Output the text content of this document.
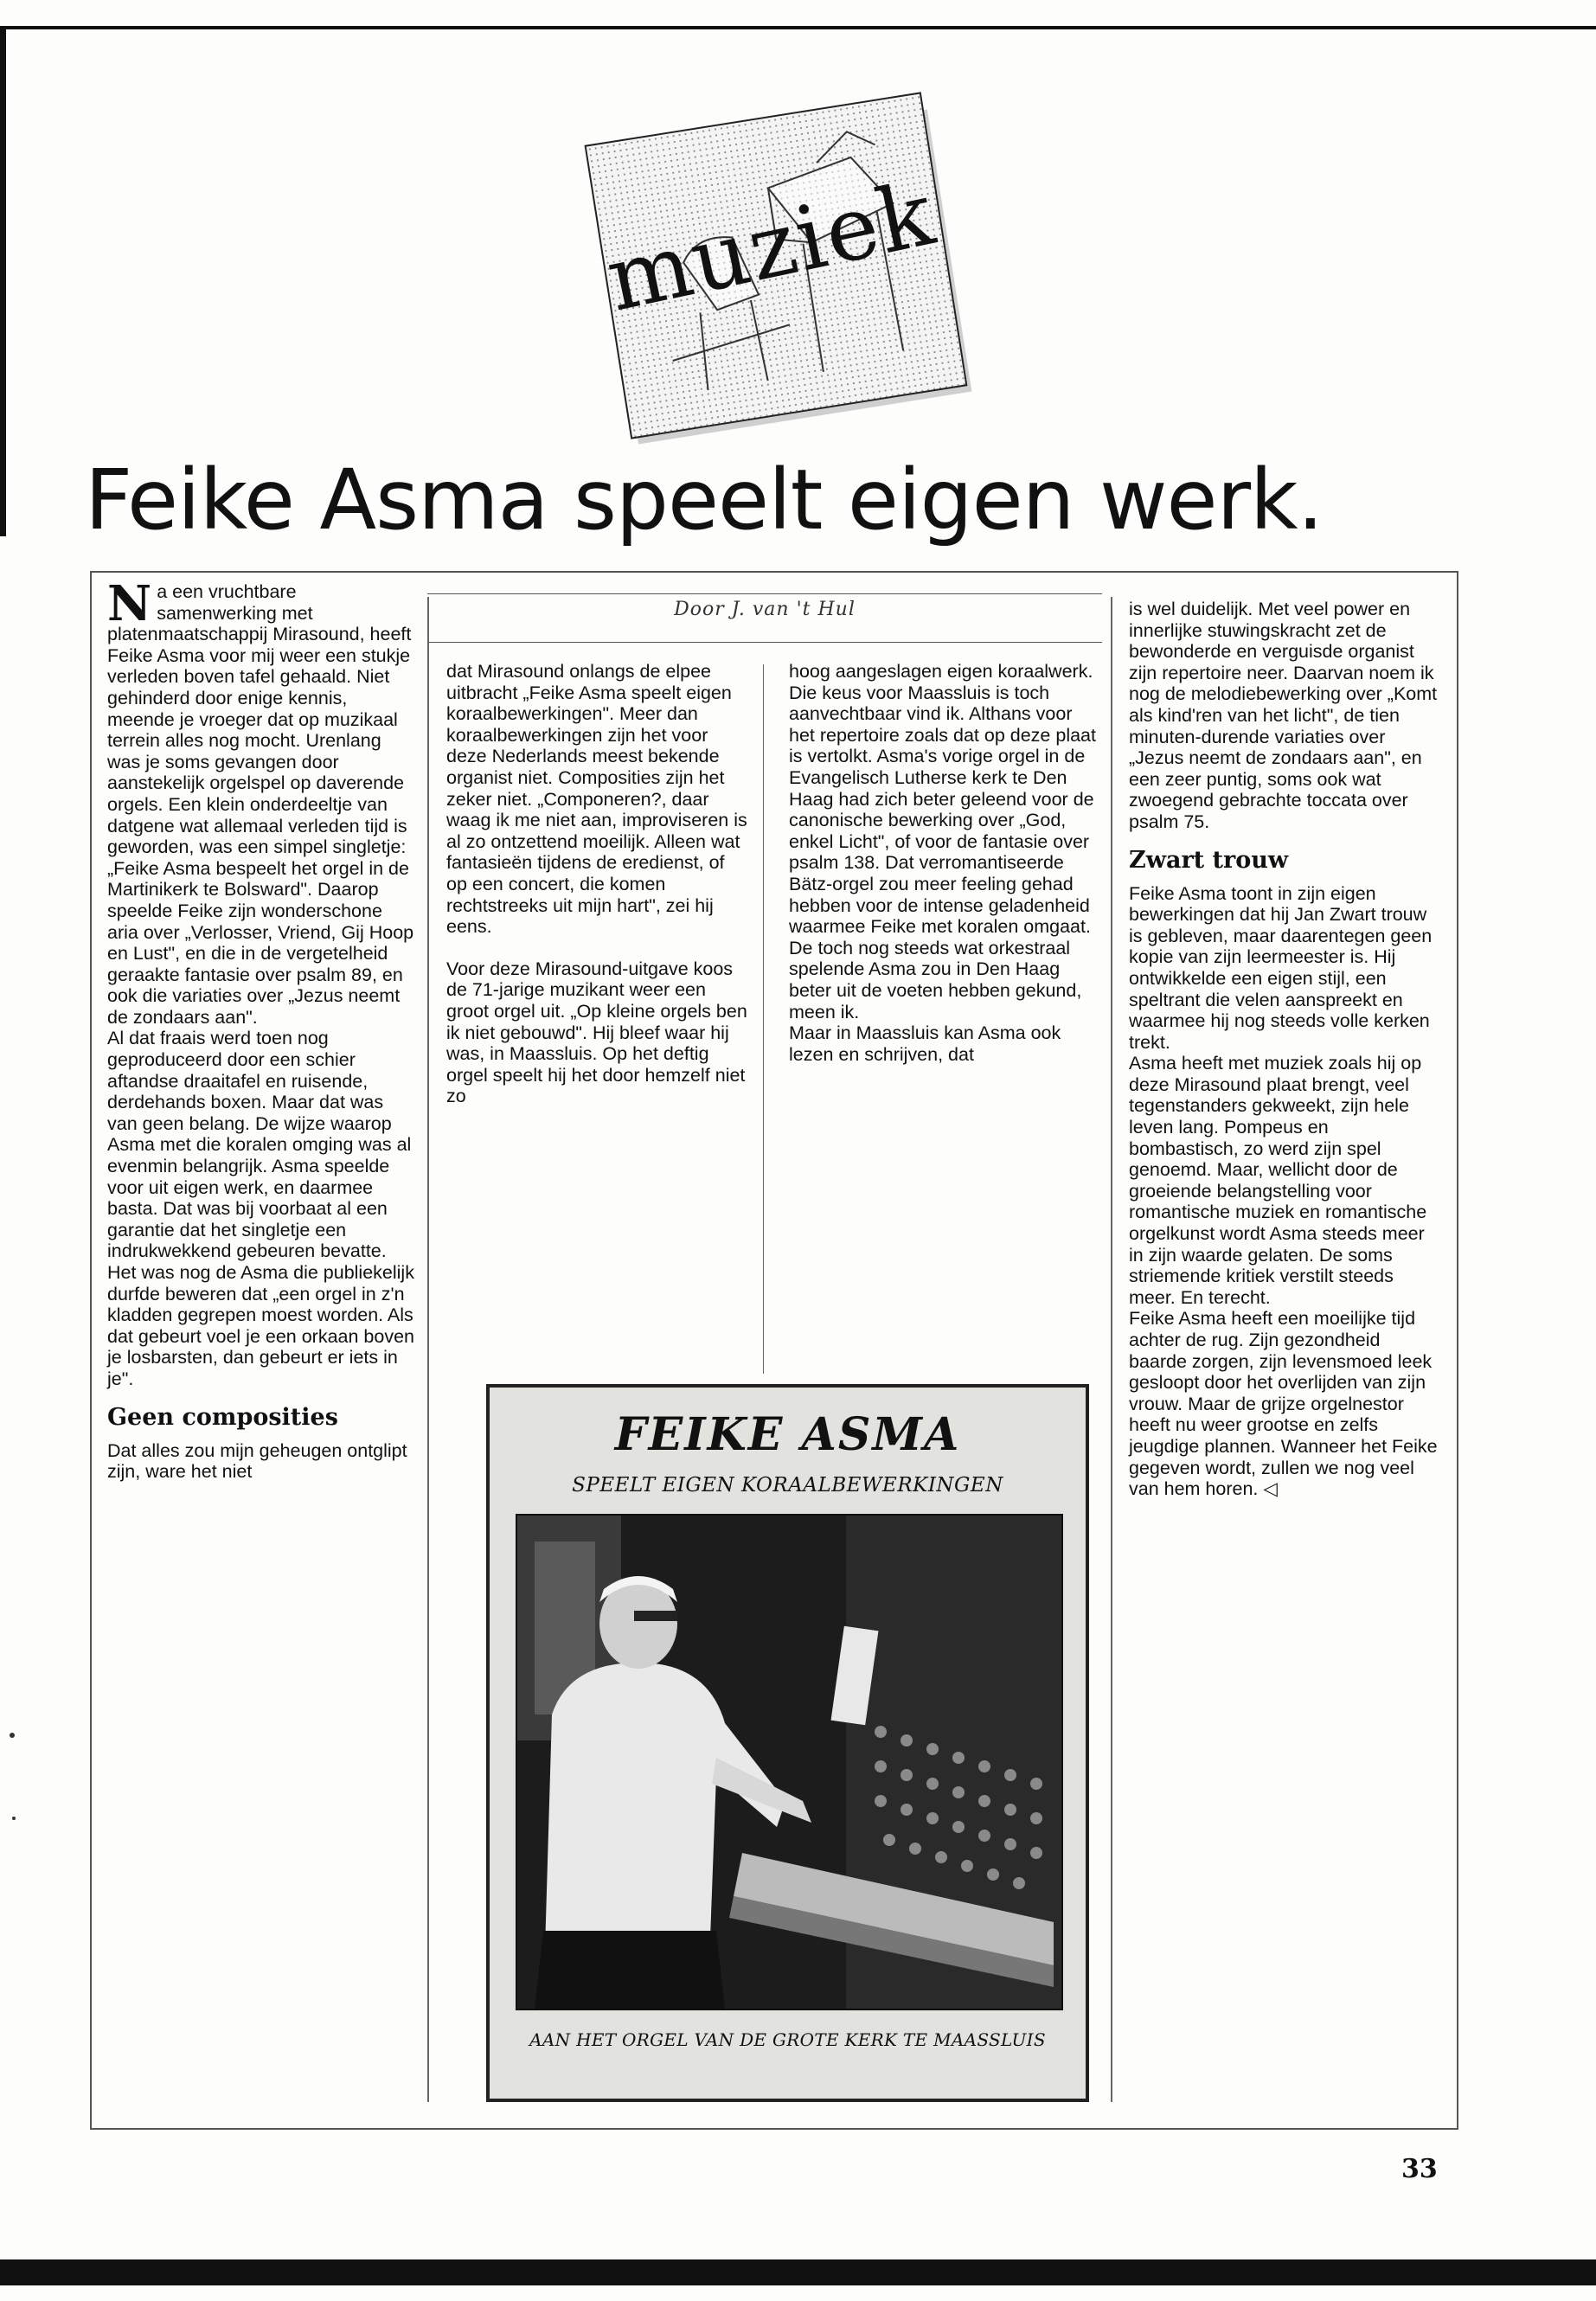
muziek
Feike Asma speelt eigen werk.
Door J. van 't Hul

Na een vruchtbare samenwerking met platenmaatschappij Mirasound, heeft Feike Asma voor mij weer een stukje verleden boven tafel gehaald. Niet gehinderd door enige kennis, meende je vroeger dat op muzikaal terrein alles nog mocht. Urenlang was je soms gevangen door aanstekelijk orgelspel op daverende orgels. Een klein onderdeeltje van datgene wat allemaal verleden tijd is geworden, was een simpel singletje: „Feike Asma bespeelt het orgel in de Martinikerk te Bolsward". Daarop speelde Feike zijn wonderschone aria over „Verlosser, Vriend, Gij Hoop en Lust", en die in de vergetelheid geraakte fantasie over psalm 89, en ook die variaties over „Jezus neemt de zondaars aan".

Al dat fraais werd toen nog geproduceerd door een schier aftandse draaitafel en ruisende, derdehands boxen. Maar dat was van geen belang. De wijze waarop Asma met die koralen omging was al evenmin belangrijk. Asma speelde voor uit eigen werk, en daarmee basta. Dat was bij voorbaat al een garantie dat het singletje een indrukwekkend gebeuren bevatte. Het was nog de Asma die publiekelijk durfde beweren dat „een orgel in z'n kladden gegrepen moest worden. Als dat gebeurt voel je een orkaan boven je losbarsten, dan gebeurt er iets in je".

Geen composities

Dat alles zou mijn geheugen ontglipt zijn, ware het niet

dat Mirasound onlangs de elpee uitbracht „Feike Asma speelt eigen koraalbewerkingen". Meer dan koraalbewerkingen zijn het voor deze Nederlands meest bekende organist niet. Composities zijn het zeker niet. „Componeren?, daar waag ik me niet aan, improviseren is al zo ontzettend moeilijk. Alleen wat fantasieën tijdens de eredienst, of op een concert, die komen rechtstreeks uit mijn hart", zei hij eens.

Voor deze Mirasound-uitgave koos de 71-jarige muzikant weer een groot orgel uit. „Op kleine orgels ben ik niet gebouwd". Hij bleef waar hij was, in Maassluis. Op het deftig orgel speelt hij het door hemzelf niet zo

hoog aangeslagen eigen koraalwerk.

Die keus voor Maassluis is toch aanvechtbaar vind ik. Althans voor het repertoire zoals dat op deze plaat is vertolkt. Asma's vorige orgel in de Evangelisch Lutherse kerk te Den Haag had zich beter geleend voor de canonische bewerking over „God, enkel Licht", of voor de fantasie over psalm 138. Dat verromantiseerde Bätz-orgel zou meer feeling gehad hebben voor de intense geladenheid waarmee Feike met koralen omgaat. De toch nog steeds wat orkestraal spelende Asma zou in Den Haag beter uit de voeten hebben gekund, meen ik.

Maar in Maassluis kan Asma ook lezen en schrijven, dat

is wel duidelijk. Met veel power en innerlijke stuwingskracht zet de bewonderde en verguisde organist zijn repertoire neer. Daarvan noem ik nog de melodiebewerking over „Komt als kind'ren van het licht", de tien minuten-durende variaties over „Jezus neemt de zondaars aan", en een zeer puntig, soms ook wat zwoegend gebrachte toccata over psalm 75.

Zwart trouw

Feike Asma toont in zijn eigen bewerkingen dat hij Jan Zwart trouw is gebleven, maar daarentegen geen kopie van zijn leermeester is. Hij ontwikkelde een eigen stijl, een speltrant die velen aanspreekt en waarmee hij nog steeds volle kerken trekt.

Asma heeft met muziek zoals hij op deze Mirasound plaat brengt, veel tegenstanders gekweekt, zijn hele leven lang. Pompeus en bombastisch, zo werd zijn spel genoemd. Maar, wellicht door de groeiende belangstelling voor romantische muziek en romantische orgelkunst wordt Asma steeds meer in zijn waarde gelaten. De soms striemende kritiek verstilt steeds meer. En terecht.

Feike Asma heeft een moeilijke tijd achter de rug. Zijn gezondheid baarde zorgen, zijn levensmoed leek gesloopt door het overlijden van zijn vrouw. Maar de grijze orgelnestor heeft nu weer grootse en zelfs jeugdige plannen. Wanneer het Feike gegeven wordt, zullen we nog veel van hem horen. ◁

FEIKE ASMA
SPEELT EIGEN KORAALBEWERKINGEN
AAN HET ORGEL VAN DE GROTE KERK TE MAASSLUIS
33
